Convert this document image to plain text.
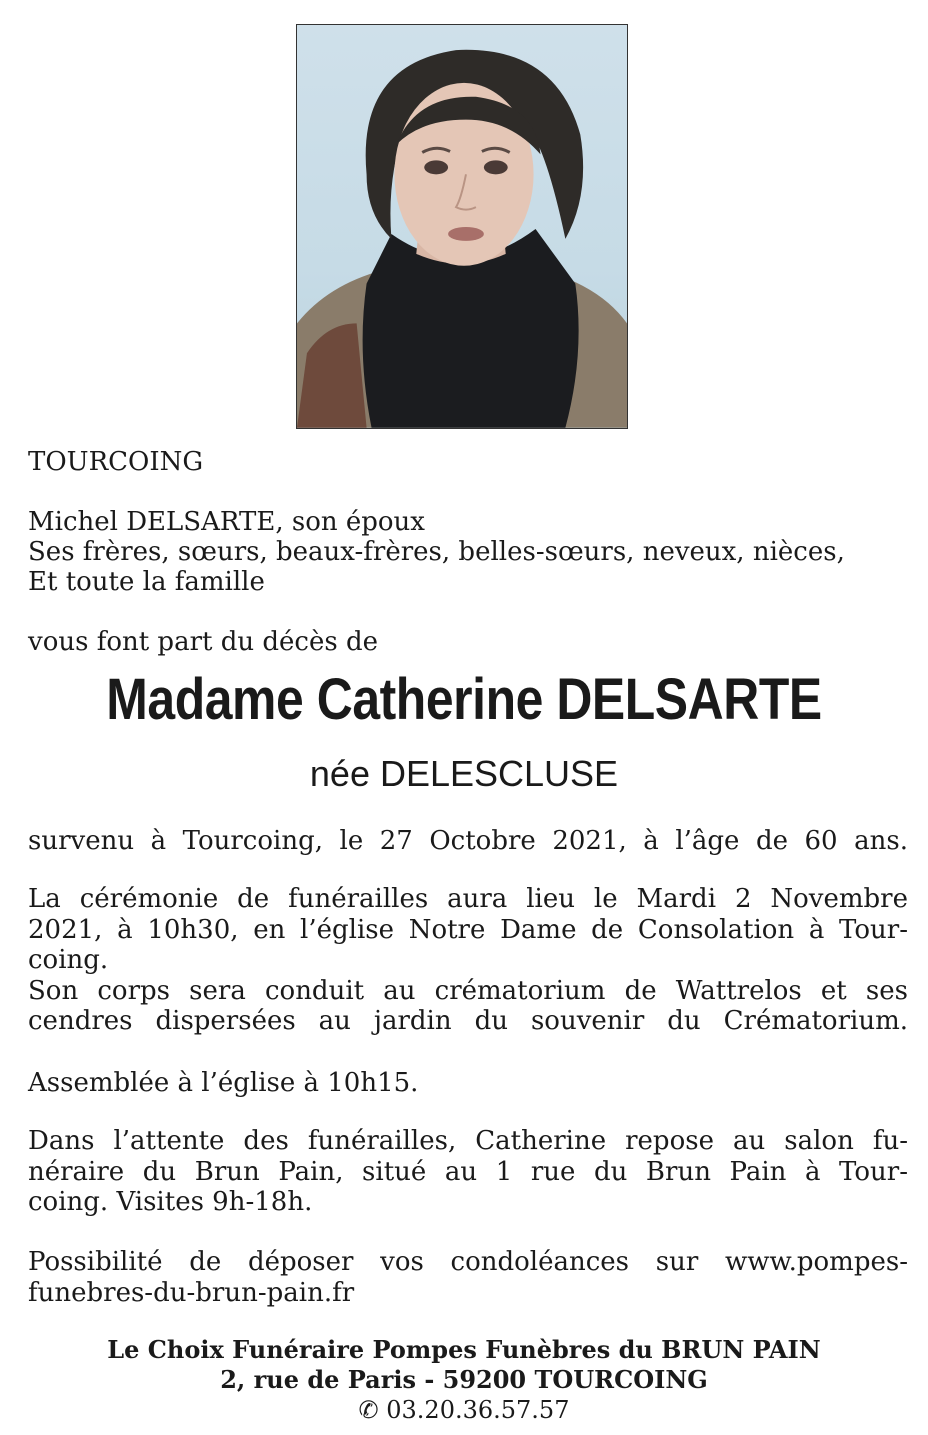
TOURCOING
Michel DELSARTE, son époux
Ses frères, sœurs, beaux-frères, belles-sœurs, neveux, nièces,
Et toute la famille
vous font part du décès de
Madame Catherine DELSARTE
née DELESCLUSE
survenu à Tourcoing, le 27 Octobre 2021, à l’âge de 60 ans.
La cérémonie de funérailles aura lieu le Mardi 2 Novembre
2021, à 10h30, en l’église Notre Dame de Consolation à Tour-
coing.
Son corps sera conduit au crématorium de Wattrelos et ses
cendres dispersées au jardin du souvenir du Crématorium.
Assemblée à l’église à 10h15.
Dans l’attente des funérailles, Catherine repose au salon fu-
néraire du Brun Pain, situé au 1 rue du Brun Pain à Tour-
coing. Visites 9h-18h.
Possibilité de déposer vos condoléances sur www.pompes-
funebres-du-brun-pain.fr
Le Choix Funéraire Pompes Funèbres du BRUN PAIN
2, rue de Paris - 59200 TOURCOING
✆ 03.20.36.57.57
